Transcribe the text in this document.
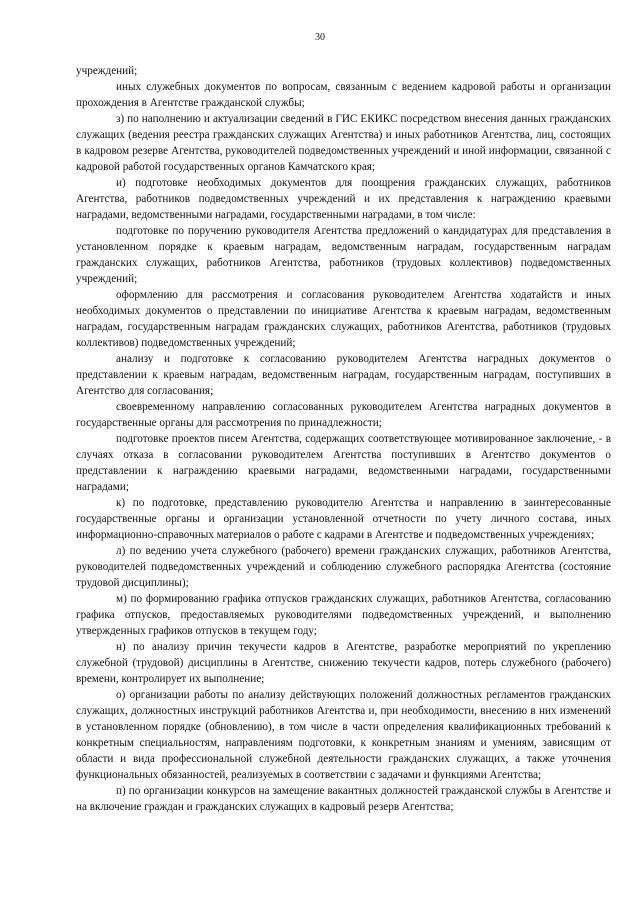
30

учреждений;

иных служебных документов по вопросам, связанным с ведением кадровой работы и организации прохождения в Агентстве гражданской службы;

з) по наполнению и актуализации сведений в ГИС ЕКИКС посредством внесения данных гражданских служащих (ведения реестра гражданских служащих Агентства) и иных работников Агентства, лиц, состоящих в кадровом резерве Агентства, руководителей подведомственных учреждений и иной информации, связанной с кадровой работой государственных органов Камчатского края;

и) подготовке необходимых документов для поощрения гражданских служащих, работников Агентства, работников подведомственных учреждений и их представления к награждению краевыми наградами, ведомственными наградами, государственными наградами, в том числе:

подготовке по поручению руководителя Агентства предложений о кандидатурах для представления в установленном порядке к краевым наградам, ведомственным наградам, государственным наградам гражданских служащих, работников Агентства, работников (трудовых коллективов) подведомственных учреждений;

оформлению для рассмотрения и согласования руководителем Агентства ходатайств и иных необходимых документов о представлении по инициативе Агентства к краевым наградам, ведомственным наградам, государственным наградам гражданских служащих, работников Агентства, работников (трудовых коллективов) подведомственных учреждений;

анализу и подготовке к согласованию руководителем Агентства наградных документов о представлении к краевым наградам, ведомственным наградам, государственным наградам, поступивших в Агентство для согласования;

своевременному направлению согласованных руководителем Агентства наградных документов в государственные органы для рассмотрения по принадлежности;

подготовке проектов писем Агентства, содержащих соответствующее мотивированное заключение, - в случаях отказа в согласовании руководителем Агентства поступивших в Агентство документов о представлении к награждению краевыми наградами, ведомственными наградами, государственными наградами;

к) по подготовке, представлению руководителю Агентства и направлению в заинтересованные государственные органы и организации установленной отчетности по учету личного состава, иных информационно-справочных материалов о работе с кадрами в Агентстве и подведомственных учреждениях;

л) по ведению учета служебного (рабочего) времени гражданских служащих, работников Агентства, руководителей подведомственных учреждений и соблюдению служебного распорядка Агентства (состояние трудовой дисциплины);

м) по формированию графика отпусков гражданских служащих, работников Агентства, согласованию графика отпусков, предоставляемых руководителями подведомственных учреждений, и выполнению утвержденных графиков отпусков в текущем году;

н) по анализу причин текучести кадров в Агентстве, разработке мероприятий по укреплению служебной (трудовой) дисциплины в Агентстве, снижению текучести кадров, потерь служебного (рабочего) времени, контролирует их выполнение;

о) организации работы по анализу действующих положений должностных регламентов гражданских служащих, должностных инструкций работников Агентства и, при необходимости, внесению в них изменений в установленном порядке (обновлению), в том числе в части определения квалификационных требований к конкретным специальностям, направлениям подготовки, к конкретным знаниям и умениям, зависящим от области и вида профессиональной служебной деятельности гражданских служащих, а также уточнения функциональных обязанностей, реализуемых в соответствии с задачами и функциями Агентства;

п) по организации конкурсов на замещение вакантных должностей гражданской службы в Агентстве и на включение граждан и гражданских служащих в кадровый резерв Агентства;
